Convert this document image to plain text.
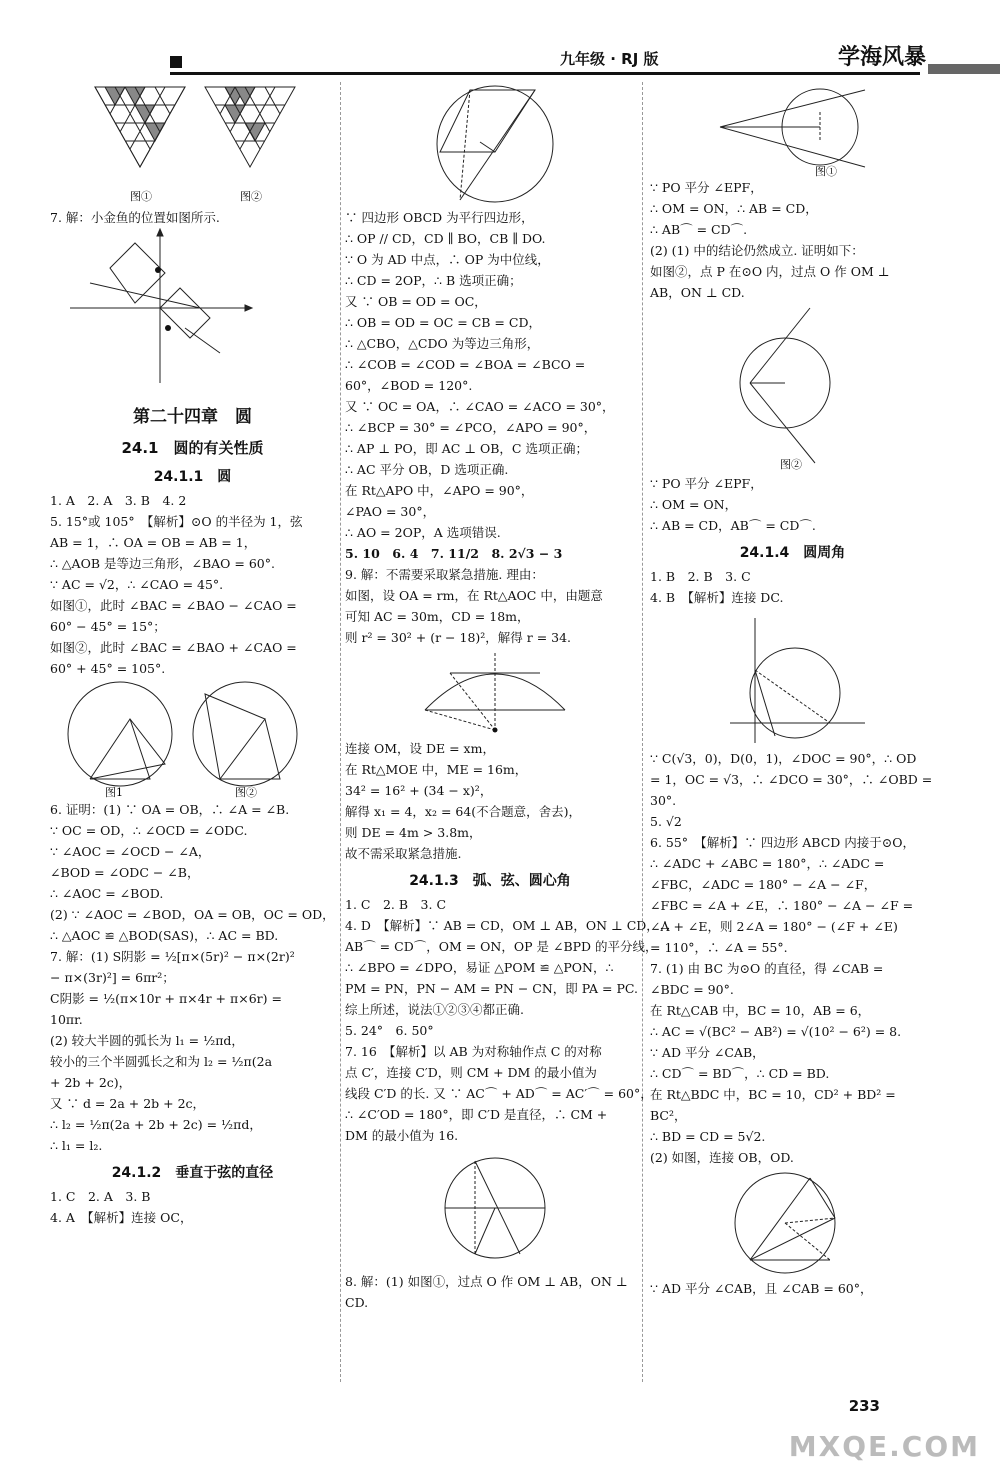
九年级 · RJ 版	学海风暴
图①	图②
7. 解：小金鱼的位置如图所示.
第二十四章　圆
24.1　圆的有关性质
24.1.1　圆
1. A　2. A　3. B　4. 2
5. 15°或 105°　【解析】⊙O 的半径为 1，弦
AB = 1，∴ OA = OB = AB = 1，
∴ △AOB 是等边三角形，∠BAO = 60°.
∵ AC = √2，∴ ∠CAO = 45°.
如图①，此时 ∠BAC = ∠BAO − ∠CAO =
60° − 45° = 15°；
如图②，此时 ∠BAC = ∠BAO + ∠CAO =
60° + 45° = 105°.
图1	图②
6. 证明：(1) ∵ OA = OB，∴ ∠A = ∠B.
∵ OC = OD，∴ ∠OCD = ∠ODC.
∵ ∠AOC = ∠OCD − ∠A，
∠BOD = ∠ODC − ∠B，
∴ ∠AOC = ∠BOD.
(2) ∵ ∠AOC = ∠BOD，OA = OB，OC = OD，
∴ △AOC ≌ △BOD(SAS)，∴ AC = BD.
7. 解：(1) S阴影 = ½[π×(5r)² − π×(2r)²
− π×(3r)²] = 6πr²；
C阴影 = ½(π×10r + π×4r + π×6r) =
10πr.
(2) 较大半圆的弧长为 l₁ = ½πd，
较小的三个半圆弧长之和为 l₂ = ½π(2a
+ 2b + 2c)，
又 ∵ d = 2a + 2b + 2c，
∴ l₂ = ½π(2a + 2b + 2c) = ½πd，
∴ l₁ = l₂.
24.1.2　垂直于弦的直径
1. C　2. A　3. B
4. A　【解析】连接 OC，
∵ 四边形 OBCD 为平行四边形，
∴ OP // CD，CD ∥ BO，CB ∥ DO.
∵ O 为 AD 中点，∴ OP 为中位线，
∴ CD = 2OP，∴ B 选项正确；
又 ∵ OB = OD = OC，
∴ OB = OD = OC = CB = CD，
∴ △CBO，△CDO 为等边三角形，
∴ ∠COB = ∠COD = ∠BOA = ∠BCO =
60°，∠BOD = 120°.
又 ∵ OC = OA，∴ ∠CAO = ∠ACO = 30°，
∴ ∠BCP = 30° = ∠PCO，∠APO = 90°，
∴ AP ⊥ PO，即 AC ⊥ OB，C 选项正确；
∴ AC 平分 OB，D 选项正确.
在 Rt△APO 中，∠APO = 90°，
∠PAO = 30°，
∴ AO = 2OP，A 选项错误.
5. 10　6. 4　7. 11/2　8. 2√3 − 3
9. 解：不需要采取紧急措施. 理由：
如图，设 OA = rm，在 Rt△AOC 中，由题意
可知 AC = 30m，CD = 18m，
则 r² = 30² + (r − 18)²，解得 r = 34.
连接 OM，设 DE = xm，
在 Rt△MOE 中，ME = 16m，
34² = 16² + (34 − x)²，
解得 x₁ = 4，x₂ = 64(不合题意，舍去)，
则 DE = 4m > 3.8m，
故不需采取紧急措施.
24.1.3　弧、弦、圆心角
1. C　2. B　3. C
4. D　【解析】∵ AB = CD，OM ⊥ AB，ON ⊥ CD，∴
AB⌒ = CD⌒，OM = ON，OP 是 ∠BPD 的平分线，
∴ ∠BPO = ∠DPO，易证 △POM ≌ △PON，∴
PM = PN，PN − AM = PN − CN，即 PA = PC.
综上所述，说法①②③④都正确.
5. 24°　6. 50°
7. 16　【解析】以 AB 为对称轴作点 C 的对称
点 C′，连接 C′D，则 CM + DM 的最小值为
线段 C′D 的长. 又 ∵ AC⌒ + AD⌒ = AC′⌒ = 60°，
∴ ∠C′OD = 180°，即 C′D 是直径，∴ CM +
DM 的最小值为 16.
8. 解：(1) 如图①，过点 O 作 OM ⊥ AB，ON ⊥
CD.
图①
∵ PO 平分 ∠EPF，
∴ OM = ON，∴ AB = CD，
∴ AB⌒ = CD⌒.
(2) (1) 中的结论仍然成立. 证明如下：
如图②，点 P 在⊙O 内，过点 O 作 OM ⊥
AB，ON ⊥ CD.
图②
∵ PO 平分 ∠EPF，
∴ OM = ON，
∴ AB = CD，AB⌒ = CD⌒.
24.1.4　圆周角
1. B　2. B　3. C
4. B　【解析】连接 DC.
∵ C(√3，0)，D(0，1)，∠DOC = 90°，∴ OD
= 1，OC = √3，∴ ∠DCO = 30°，∴ ∠OBD =
30°.
5. √2
6. 55°　【解析】∵ 四边形 ABCD 内接于⊙O，
∴ ∠ADC + ∠ABC = 180°，∴ ∠ADC =
∠FBC，∠ADC = 180° − ∠A − ∠F，
∠FBC = ∠A + ∠E，∴ 180° − ∠A − ∠F =
∠A + ∠E，则 2∠A = 180° − (∠F + ∠E)
= 110°，∴ ∠A = 55°.
7. (1) 由 BC 为⊙O 的直径，得 ∠CAB =
∠BDC = 90°.
在 Rt△CAB 中，BC = 10，AB = 6，
∴ AC = √(BC² − AB²) = √(10² − 6²) = 8.
∵ AD 平分 ∠CAB，
∴ CD⌒ = BD⌒，∴ CD = BD.
在 Rt△BDC 中，BC = 10，CD² + BD² =
BC²，
∴ BD = CD = 5√2.
(2) 如图，连接 OB，OD.
∵ AD 平分 ∠CAB，且 ∠CAB = 60°，
233
MXQE.COM
